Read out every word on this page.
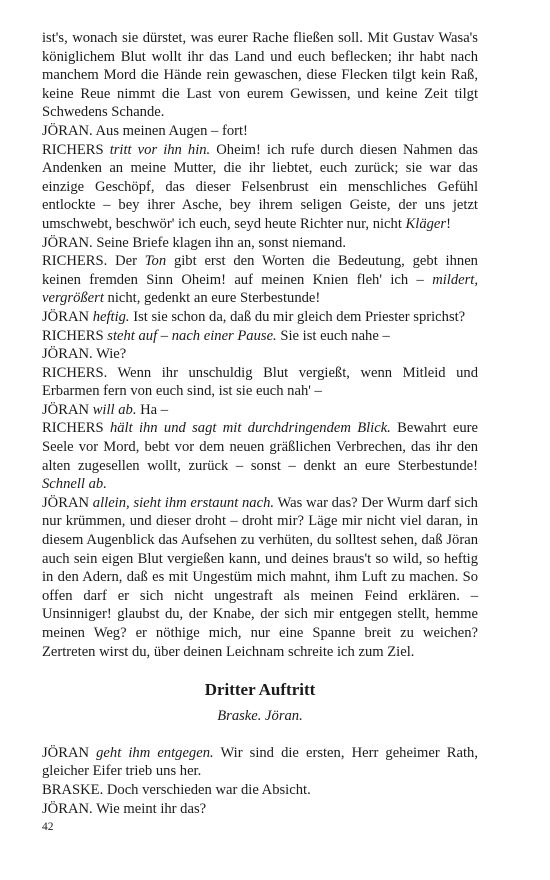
ist's, wonach sie dürstet, was eurer Rache fließen soll. Mit Gustav Wasa's königlichem Blut wollt ihr das Land und euch beflecken; ihr habt nach manchem Mord die Hände rein gewaschen, diese Flecken tilgt kein Raß, keine Reue nimmt die Last von eurem Gewissen, und keine Zeit tilgt Schwedens Schande.

JÖRAN. Aus meinen Augen – fort!

RICHERS tritt vor ihn hin. Oheim! ich rufe durch diesen Nahmen das Andenken an meine Mutter, die ihr liebtet, euch zurück; sie war das einzige Geschöpf, das dieser Felsenbrust ein menschliches Gefühl entlockte – bey ihrer Asche, bey ihrem seligen Geiste, der uns jetzt umschwebt, beschwör' ich euch, seyd heute Richter nur, nicht Kläger!

JÖRAN. Seine Briefe klagen ihn an, sonst niemand.

RICHERS. Der Ton gibt erst den Worten die Bedeutung, gebt ihnen keinen fremden Sinn Oheim! auf meinen Knien fleh' ich – mildert, vergrößert nicht, gedenkt an eure Sterbestunde!

JÖRAN heftig. Ist sie schon da, daß du mir gleich dem Priester sprichst?

RICHERS steht auf – nach einer Pause. Sie ist euch nahe –

JÖRAN. Wie?

RICHERS. Wenn ihr unschuldig Blut vergießt, wenn Mitleid und Erbarmen fern von euch sind, ist sie euch nah' –

JÖRAN will ab. Ha –

RICHERS hält ihn und sagt mit durchdringendem Blick. Bewahrt eure Seele vor Mord, bebt vor dem neuen gräßlichen Verbrechen, das ihr den alten zugesellen wollt, zurück – sonst – denkt an eure Sterbestunde! Schnell ab.

JÖRAN allein, sieht ihm erstaunt nach. Was war das? Der Wurm darf sich nur krümmen, und dieser droht – droht mir? Läge mir nicht viel daran, in diesem Augenblick das Aufsehen zu verhüten, du solltest sehen, daß Jöran auch sein eigen Blut vergießen kann, und deines braus't so wild, so heftig in den Adern, daß es mit Ungestüm mich mahnt, ihm Luft zu machen. So offen darf er sich nicht ungestraft als meinen Feind erklären. – Unsinniger! glaubst du, der Knabe, der sich mir entgegen stellt, hemme meinen Weg? er nöthige mich, nur eine Spanne breit zu weichen? Zertreten wirst du, über deinen Leichnam schreite ich zum Ziel.

Dritter Auftritt
Braske. Jöran.

JÖRAN geht ihm entgegen. Wir sind die ersten, Herr geheimer Rath, gleicher Eifer trieb uns her.

BRASKE. Doch verschieden war die Absicht.

JÖRAN. Wie meint ihr das?

42
